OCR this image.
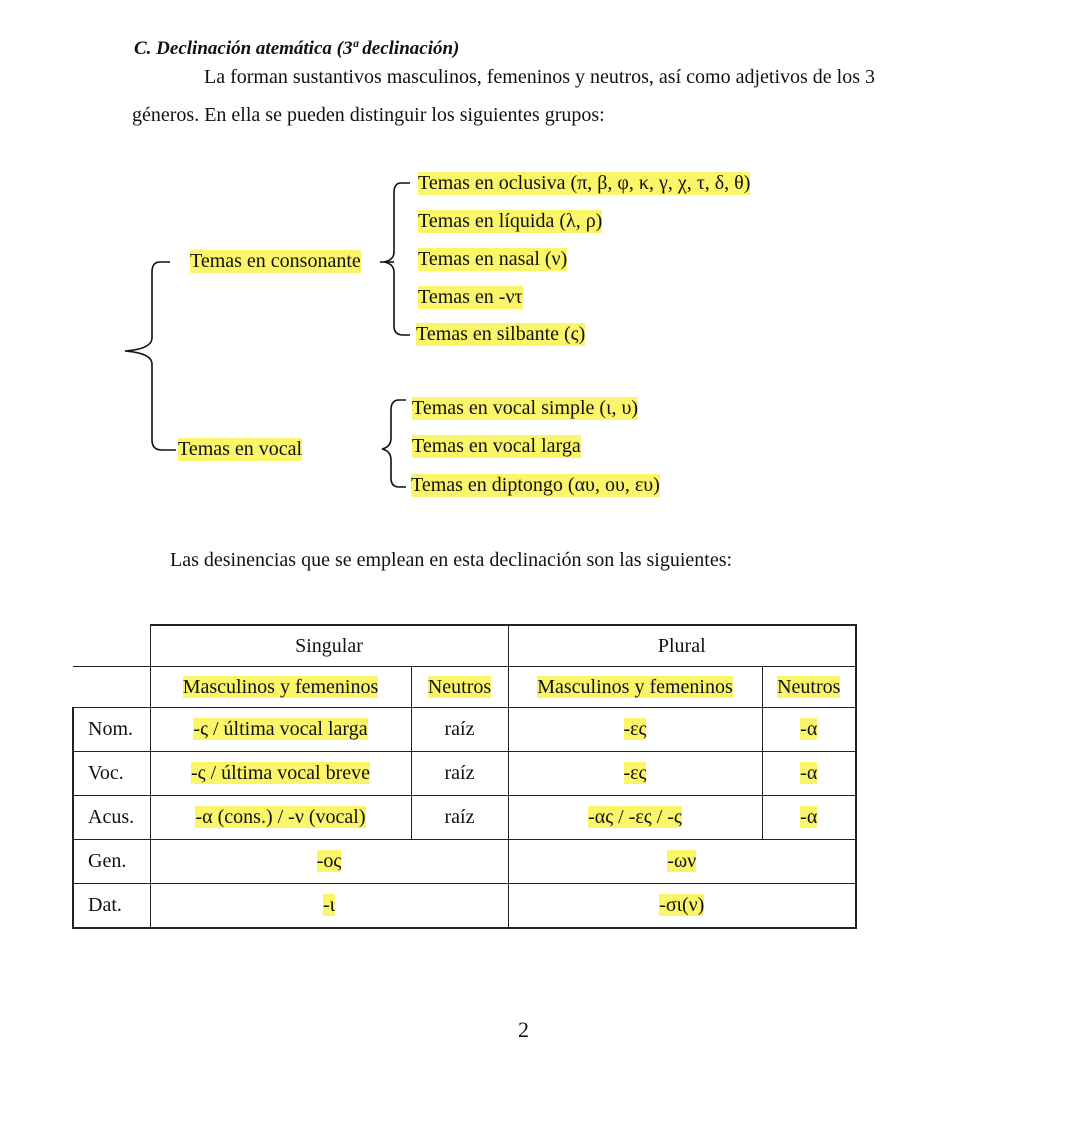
C. Declinación atemática (3ª declinación)
La forman sustantivos masculinos, femeninos y neutros, así como adjetivos de los 3
géneros. En ella se pueden distinguir los siguientes grupos:
Temas en consonante
Temas en oclusiva (π, β, φ, κ, γ, χ, τ, δ, θ)
Temas en líquida (λ, ρ)
Temas en nasal (ν)
Temas en -ντ
Temas en silbante (ς)
Temas en vocal
Temas en vocal simple (ι, υ)
Temas en vocal larga
Temas en diptongo (αυ, ου, ευ)
Las desinencias que se emplean en esta declinación son las siguientes:
	Singular		Plural	
	Masculinos y femeninos	Neutros	Masculinos y femeninos	Neutros
Nom.	-ς / última vocal larga	raíz	-ες	-α
Voc.	-ς / última vocal breve	raíz	-ες	-α
Acus.	-α (cons.) / -ν (vocal)	raíz	-ας / -ες / -ς	-α
Gen.	-ος		-ων	
Dat.	-ι		-σι(ν)	
2
